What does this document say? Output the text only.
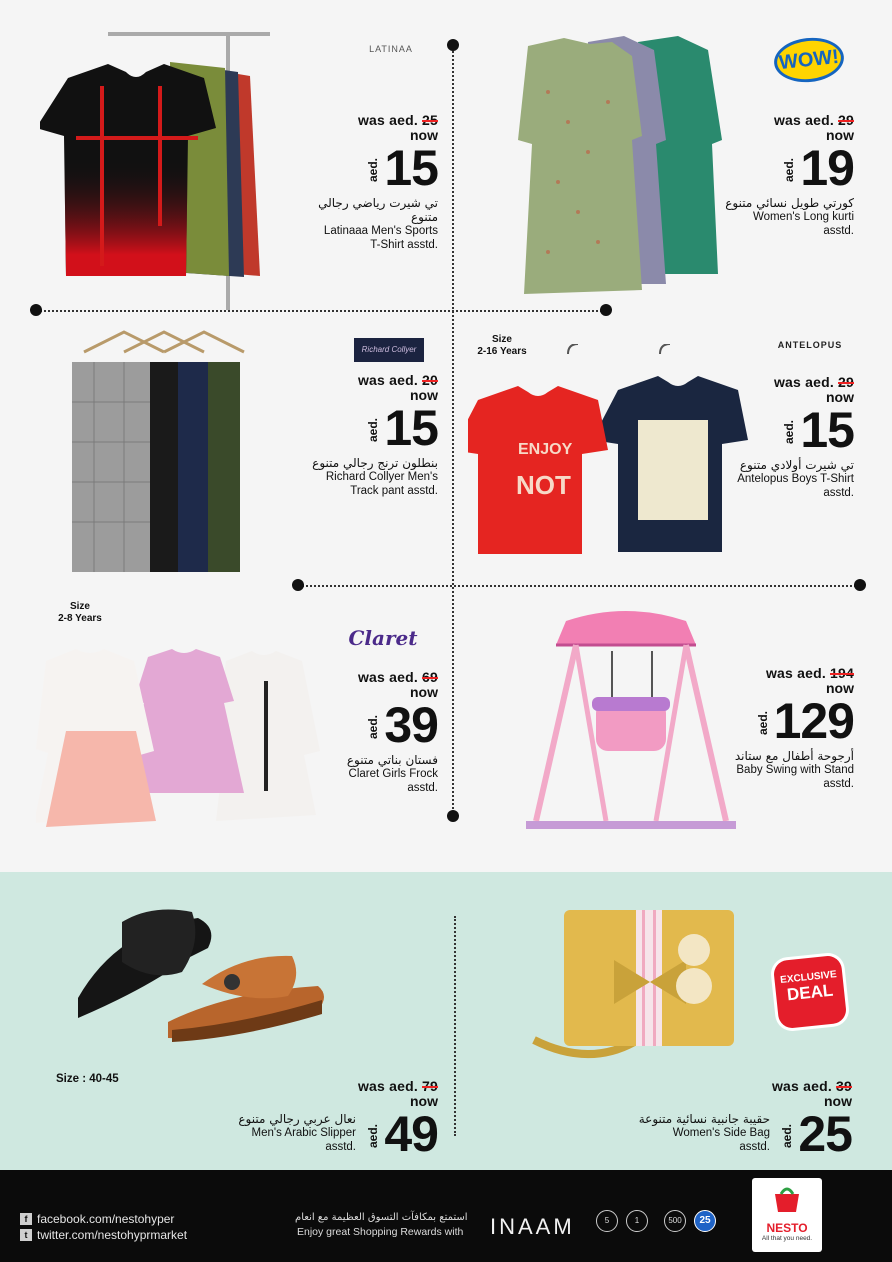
LATINAA
was aed. 25
now
aed. 15
تي شيرت رياضي رجالي متنوع
Latinaaa Men's Sports
T-Shirt asstd.
WOW!
was aed. 29
now
aed. 19
كورتي طويل نسائي متنوع
Women's Long kurti
asstd.
Richard Collyer
was aed. 20
now
aed. 15
بنطلون ترنج رجالي متنوع
Richard Collyer Men's
Track pant asstd.
Size
2-16 Years
ENJOY
NOT
ANTELOPUS
was aed. 29
now
aed. 15
تي شيرت أولادي متنوع
Antelopus Boys T-Shirt
asstd.
Size
2-8 Years
Claret
was aed. 69
now
aed. 39
فستان بناتي متنوع
Claret Girls Frock
asstd.
was aed. 194
now
aed. 129
أرجوحة أطفال مع ستاند
Baby Swing with Stand
asstd.
Size : 40-45	was aed. 79
now
نعال عربي رجالي متنوع
Men's Arabic Slipper
asstd. aed. 49
EXCLUSIVE
DEAL
was aed. 39
now
حقيبة جانبية نسائية متنوعة
Women's Side Bag
asstd. aed. 25
f facebook.com/nestohyper
t twitter.com/nestohyprmarket
استمتع بمكافآت التسوق العظيمة مع انعام
Enjoy great Shopping Rewards with INAAM	5	1	500	25
NESTO
All that you need.
